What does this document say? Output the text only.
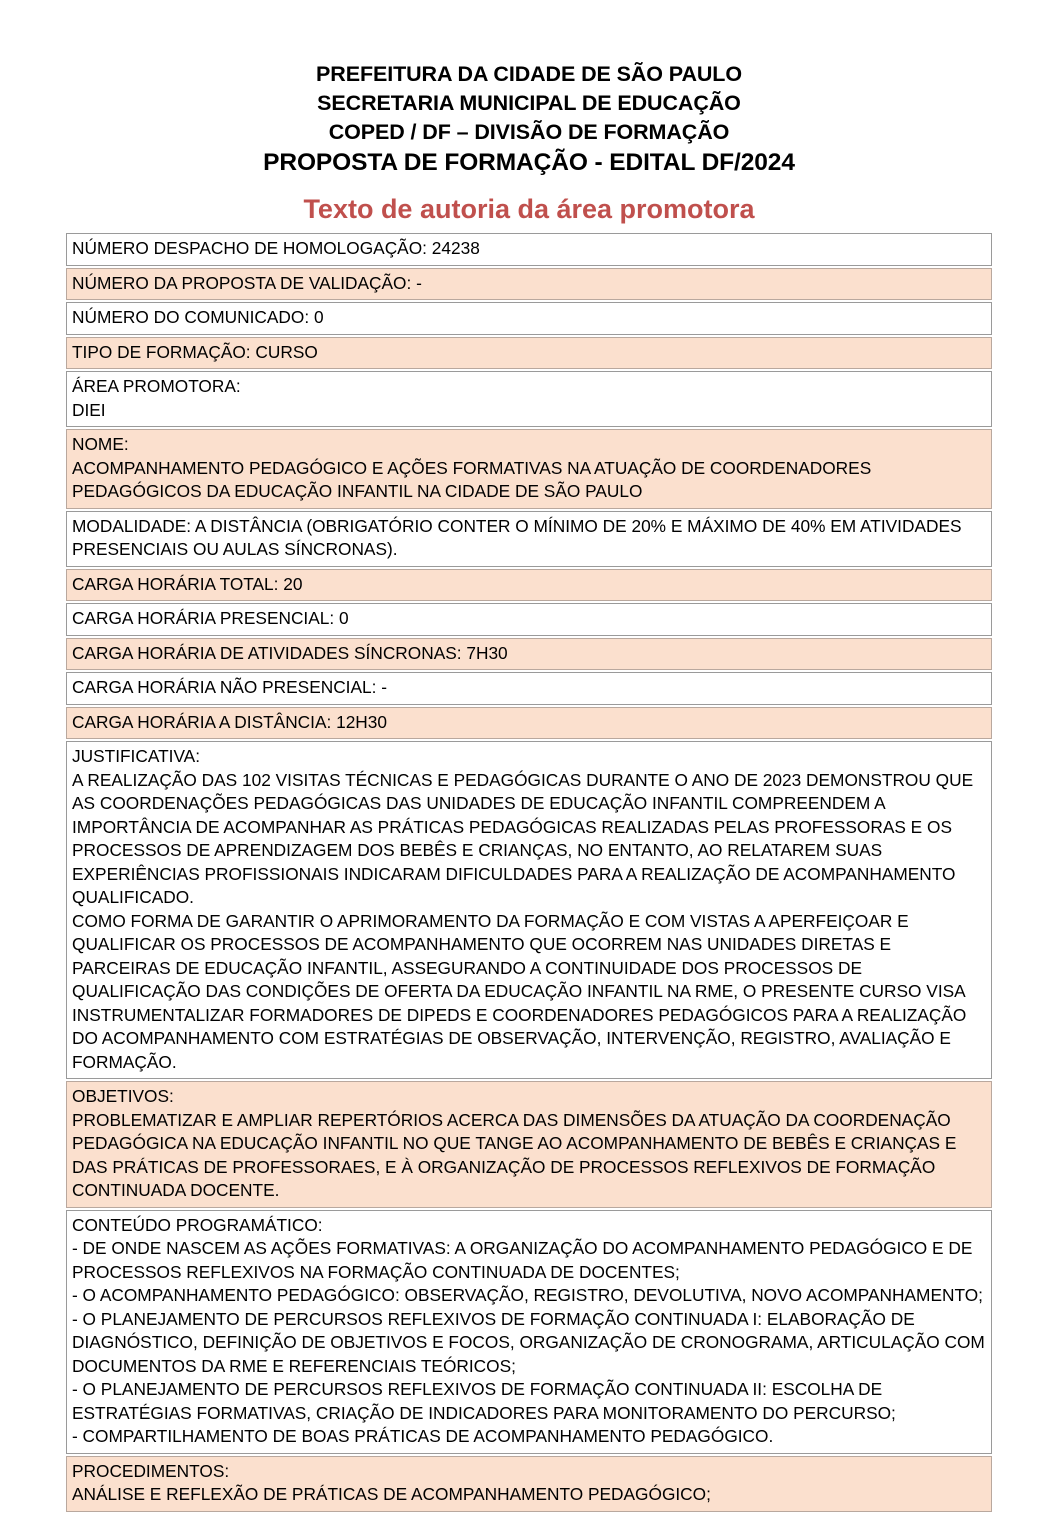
PREFEITURA DA CIDADE DE SÃO PAULO
SECRETARIA MUNICIPAL DE EDUCAÇÃO
COPED / DF – DIVISÃO DE FORMAÇÃO
PROPOSTA DE FORMAÇÃO - EDITAL DF/2024
Texto de autoria da área promotora
NÚMERO DESPACHO DE HOMOLOGAÇÃO: 24238
NÚMERO DA PROPOSTA DE VALIDAÇÃO: -
NÚMERO DO COMUNICADO: 0
TIPO DE FORMAÇÃO: CURSO

ÁREA PROMOTORA:
DIEI

NOME:
ACOMPANHAMENTO PEDAGÓGICO E AÇÕES FORMATIVAS NA ATUAÇÃO DE COORDENADORES PEDAGÓGICOS DA EDUCAÇÃO INFANTIL NA CIDADE DE SÃO PAULO

MODALIDADE: A DISTÂNCIA (OBRIGATÓRIO CONTER O MÍNIMO DE 20% E MÁXIMO DE 40% EM ATIVIDADES PRESENCIAIS OU AULAS SÍNCRONAS).
CARGA HORÁRIA TOTAL: 20
CARGA HORÁRIA PRESENCIAL: 0
CARGA HORÁRIA DE ATIVIDADES SÍNCRONAS: 7H30
CARGA HORÁRIA NÃO PRESENCIAL: -
CARGA HORÁRIA A DISTÂNCIA: 12H30

JUSTIFICATIVA:
A REALIZAÇÃO DAS 102 VISITAS TÉCNICAS E PEDAGÓGICAS DURANTE O ANO DE 2023 DEMONSTROU QUE AS COORDENAÇÕES PEDAGÓGICAS DAS UNIDADES DE EDUCAÇÃO INFANTIL COMPREENDEM A IMPORTÂNCIA DE ACOMPANHAR AS PRÁTICAS PEDAGÓGICAS REALIZADAS PELAS PROFESSORAS E OS PROCESSOS DE APRENDIZAGEM DOS BEBÊS E CRIANÇAS, NO ENTANTO, AO RELATAREM SUAS EXPERIÊNCIAS PROFISSIONAIS INDICARAM DIFICULDADES PARA A REALIZAÇÃO DE ACOMPANHAMENTO QUALIFICADO.
COMO FORMA DE GARANTIR O APRIMORAMENTO DA FORMAÇÃO E COM VISTAS A APERFEIÇOAR E QUALIFICAR OS PROCESSOS DE ACOMPANHAMENTO QUE OCORREM NAS UNIDADES DIRETAS E PARCEIRAS DE EDUCAÇÃO INFANTIL, ASSEGURANDO A CONTINUIDADE DOS PROCESSOS DE QUALIFICAÇÃO DAS CONDIÇÕES DE OFERTA DA EDUCAÇÃO INFANTIL NA RME, O PRESENTE CURSO VISA INSTRUMENTALIZAR FORMADORES DE DIPEDS E COORDENADORES PEDAGÓGICOS PARA A REALIZAÇÃO DO ACOMPANHAMENTO COM ESTRATÉGIAS DE OBSERVAÇÃO, INTERVENÇÃO, REGISTRO, AVALIAÇÃO E FORMAÇÃO.

OBJETIVOS:
PROBLEMATIZAR E AMPLIAR REPERTÓRIOS ACERCA DAS DIMENSÕES DA ATUAÇÃO DA COORDENAÇÃO PEDAGÓGICA NA EDUCAÇÃO INFANTIL NO QUE TANGE AO ACOMPANHAMENTO DE BEBÊS E CRIANÇAS E DAS PRÁTICAS DE PROFESSORAES, E À ORGANIZAÇÃO DE PROCESSOS REFLEXIVOS DE FORMAÇÃO CONTINUADA DOCENTE.

CONTEÚDO PROGRAMÁTICO:
- DE ONDE NASCEM AS AÇÕES FORMATIVAS: A ORGANIZAÇÃO DO ACOMPANHAMENTO PEDAGÓGICO E DE PROCESSOS REFLEXIVOS NA FORMAÇÃO CONTINUADA DE DOCENTES;
- O ACOMPANHAMENTO PEDAGÓGICO: OBSERVAÇÃO, REGISTRO, DEVOLUTIVA, NOVO ACOMPANHAMENTO;
- O PLANEJAMENTO DE PERCURSOS REFLEXIVOS DE FORMAÇÃO CONTINUADA I: ELABORAÇÃO DE DIAGNÓSTICO, DEFINIÇÃO DE OBJETIVOS E FOCOS, ORGANIZAÇÃO DE CRONOGRAMA, ARTICULAÇÃO COM DOCUMENTOS DA RME E REFERENCIAIS TEÓRICOS;
- O PLANEJAMENTO DE PERCURSOS REFLEXIVOS DE FORMAÇÃO CONTINUADA II: ESCOLHA DE ESTRATÉGIAS FORMATIVAS, CRIAÇÃO DE INDICADORES PARA MONITORAMENTO DO PERCURSO;
- COMPARTILHAMENTO DE BOAS PRÁTICAS DE ACOMPANHAMENTO PEDAGÓGICO.

PROCEDIMENTOS:
ANÁLISE E REFLEXÃO DE PRÁTICAS DE ACOMPANHAMENTO PEDAGÓGICO;
